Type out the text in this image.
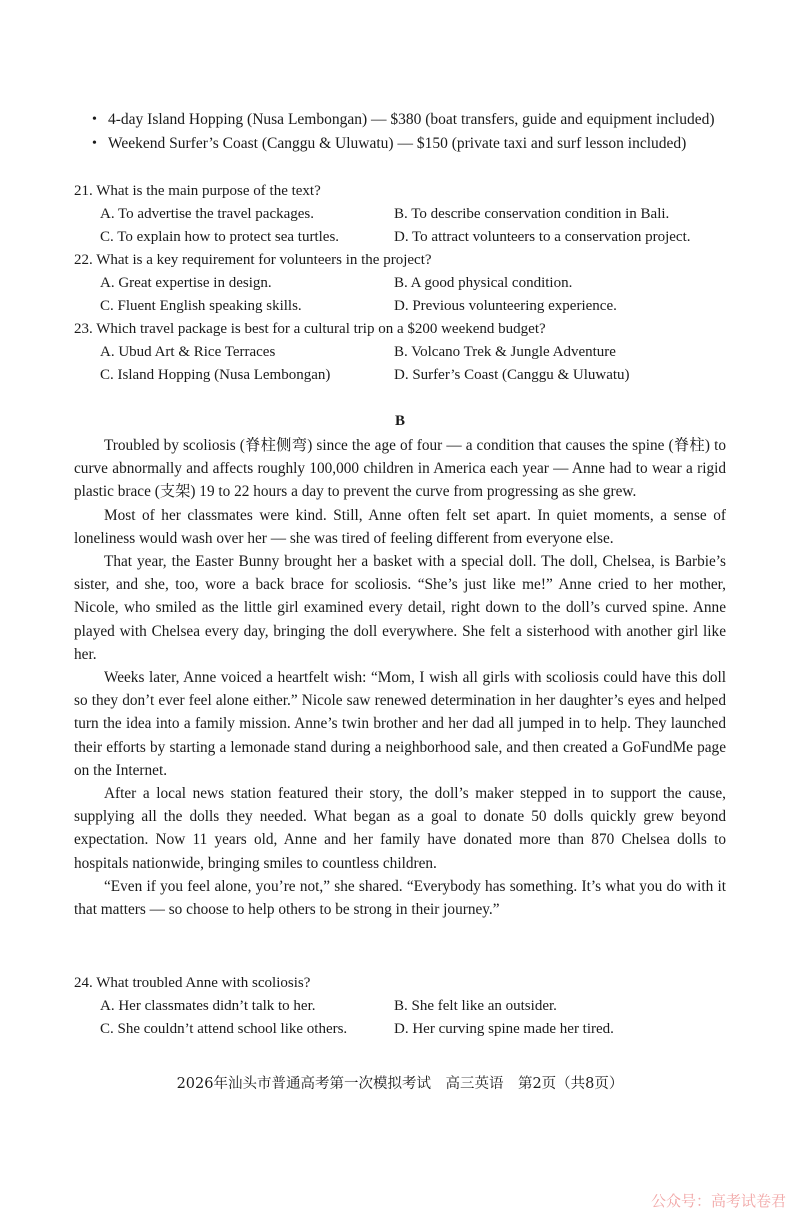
• 4-day Island Hopping (Nusa Lembongan) — $380 (boat transfers, guide and equipment included)
• Weekend Surfer’s Coast (Canggu & Uluwatu) — $150 (private taxi and surf lesson included)
21. What is the main purpose of the text?
A. To advertise the travel packages.	B. To describe conservation condition in Bali.
C. To explain how to protect sea turtles.	D. To attract volunteers to a conservation project.
22. What is a key requirement for volunteers in the project?
A. Great expertise in design.	B. A good physical condition.
C. Fluent English speaking skills.	D. Previous volunteering experience.
23. Which travel package is best for a cultural trip on a $200 weekend budget?
A. Ubud Art & Rice Terraces	B. Volcano Trek & Jungle Adventure
C. Island Hopping (Nusa Lembongan)	D. Surfer’s Coast (Canggu & Uluwatu)
B

Troubled by scoliosis (脊柱侧弯) since the age of four — a condition that causes the spine (脊柱) to curve abnormally and affects roughly 100,000 children in America each year — Anne had to wear a rigid plastic brace (支架) 19 to 22 hours a day to prevent the curve from progressing as she grew.

Most of her classmates were kind. Still, Anne often felt set apart. In quiet moments, a sense of loneliness would wash over her — she was tired of feeling different from everyone else.

That year, the Easter Bunny brought her a basket with a special doll. The doll, Chelsea, is Barbie’s sister, and she, too, wore a back brace for scoliosis. “She’s just like me!” Anne cried to her mother, Nicole, who smiled as the little girl examined every detail, right down to the doll’s curved spine. Anne played with Chelsea every day, bringing the doll everywhere. She felt a sisterhood with another girl like her.

Weeks later, Anne voiced a heartfelt wish: “Mom, I wish all girls with scoliosis could have this doll so they don’t ever feel alone either.” Nicole saw renewed determination in her daughter’s eyes and helped turn the idea into a family mission. Anne’s twin brother and her dad all jumped in to help. They launched their efforts by starting a lemonade stand during a neighborhood sale, and then created a GoFundMe page on the Internet.

After a local news station featured their story, the doll’s maker stepped in to support the cause, supplying all the dolls they needed. What began as a goal to donate 50 dolls quickly grew beyond expectation. Now 11 years old, Anne and her family have donated more than 870 Chelsea dolls to hospitals nationwide, bringing smiles to countless children.

“Even if you feel alone, you’re not,” she shared. “Everybody has something. It’s what you do with it that matters — so choose to help others to be strong in their journey.”

24. What troubled Anne with scoliosis?
A. Her classmates didn’t talk to her.	B. She felt like an outsider.
C. She couldn’t attend school like others.	D. Her curving spine made her tired.
2026年汕头市普通高考第一次模拟考试　高三英语　第2页（共8页）
公众号：高考试卷君
